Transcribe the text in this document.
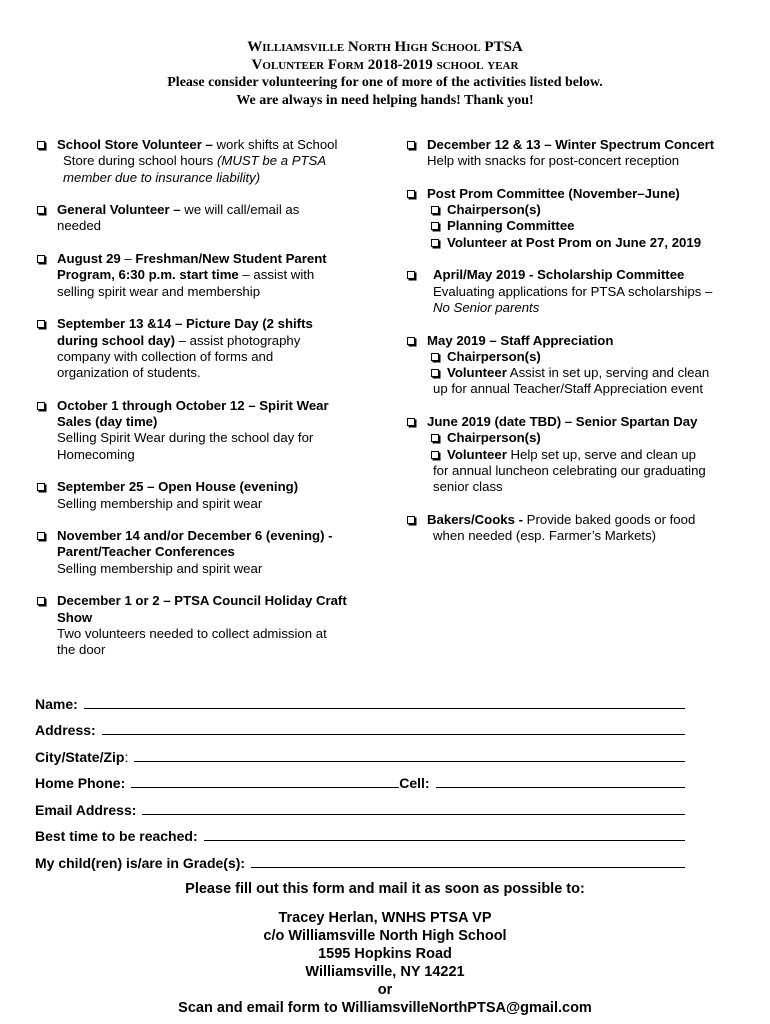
Williamsville North High School PTSA
Volunteer Form 2018-2019 school year
Please consider volunteering for one of more of the activities listed below.
We are always in need helping hands! Thank you!
School Store Volunteer – work shifts at School
Store during school hours (MUST be a PTSA
member due to insurance liability)
General Volunteer – we will call/email as
needed
August 29 – Freshman/New Student Parent
Program, 6:30 p.m. start time – assist with
selling spirit wear and membership
September 13 &14 – Picture Day (2 shifts
during school day) – assist photography
company with collection of forms and
organization of students.
October 1 through October 12 – Spirit Wear
Sales (day time)
Selling Spirit Wear during the school day for
Homecoming
September 25 – Open House (evening)
Selling membership and spirit wear
November 14 and/or December 6 (evening) -
Parent/Teacher Conferences
Selling membership and spirit wear
December 1 or 2 – PTSA Council Holiday Craft
Show
Two volunteers needed to collect admission at
the door
December 12 & 13 – Winter Spectrum Concert
Help with snacks for post-concert reception
Post Prom Committee (November–June)
Chairperson(s)
Planning Committee
Volunteer at Post Prom on June 27, 2019
April/May 2019 - Scholarship Committee
Evaluating applications for PTSA scholarships –
No Senior parents
May 2019 – Staff Appreciation
Chairperson(s)
Volunteer Assist in set up, serving and clean
up for annual Teacher/Staff Appreciation event
June 2019 (date TBD) – Senior Spartan Day
Chairperson(s)
Volunteer Help set up, serve and clean up
for annual luncheon celebrating our graduating
senior class
Bakers/Cooks - Provide baked goods or food
when needed (esp. Farmer’s Markets)
Name:
Address:
City/State/Zip:
Home Phone:	Cell:
Email Address:
Best time to be reached:
My child(ren) is/are in Grade(s):
Please fill out this form and mail it as soon as possible to:
Tracey Herlan, WNHS PTSA VP
c/o Williamsville North High School
1595 Hopkins Road
Williamsville, NY 14221
or
Scan and email form to WilliamsvilleNorthPTSA@gmail.com
